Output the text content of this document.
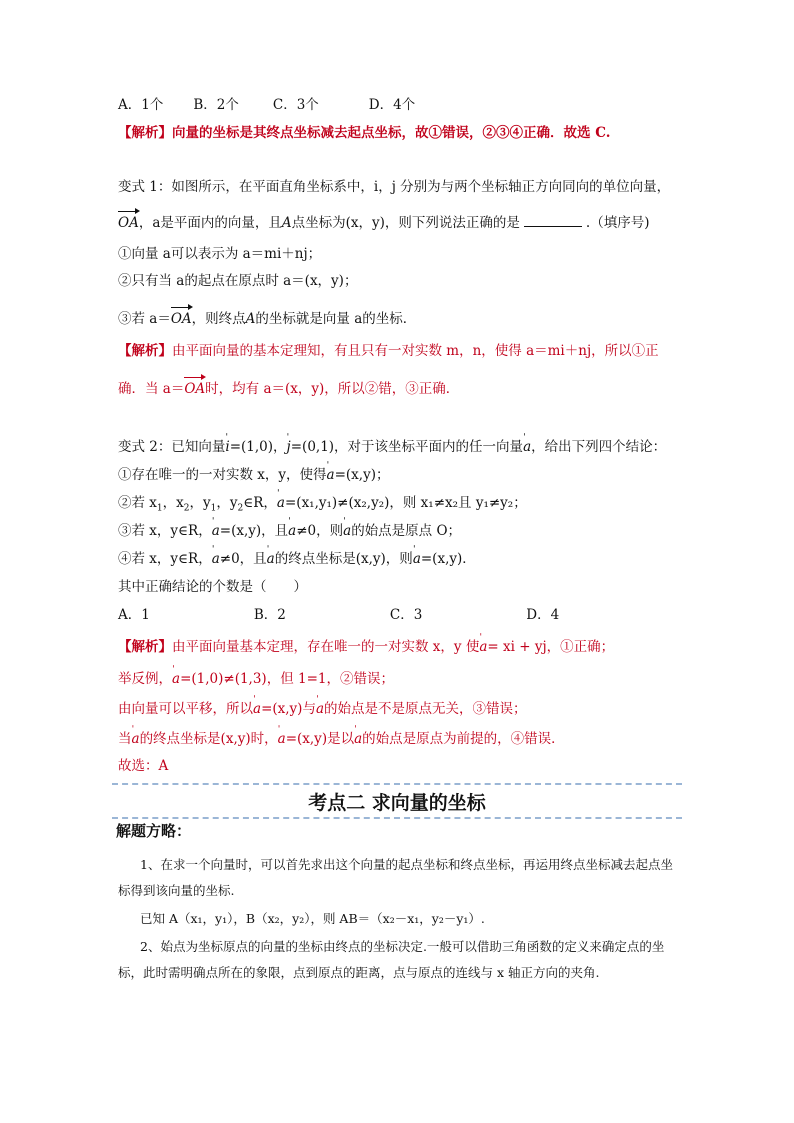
A．1个 B．2个	C．3个	D．4个
【解析】向量的坐标是其终点坐标减去起点坐标，故①错误，②③④正确．故选 C.
变式 1：如图所示，在平面直角坐标系中，i，j 分别为与两个坐标轴正方向同向的单位向量，
OA，a是平面内的向量，且A点坐标为(x，y)，则下列说法正确的是	.（填序号)
①向量 a可以表示为 a＝mi＋nj；
②只有当 a的起点在原点时 a＝(x，y)；
③若 a＝OA，则终点A的坐标就是向量 a的坐标．
【解析】由平面向量的基本定理知，有且只有一对实数 m，n，使得 a＝mi＋nj，所以①正
确．当 a＝OA时，均有 a＝(x，y)，所以②错，③正确．
变式 2：已知向量ˈ i=(1,0)，ˈ j=(0,1)，对于该坐标平面内的任一向量ˈ a，给出下列四个结论：
①存在唯一的一对实数 x，y，使得ˈ a=(x,y)；
②若 $x_1$，$x_2$，$y_1$，$y_2\in R$，ˈ a=(x₁,y₁)≠(x₂,y₂)，则 x₁≠x₂且 y₁≠y₂；
③若 x，y∈R，ˈ a=(x,y)，且ˈ a≠0，则ˈ a的始点是原点 O；
④若 x，y∈R，ˈ a≠0，且ˈ a的终点坐标是(x,y)，则ˈ a=(x,y)．
其中正确结论的个数是（　　）
A．1	B．2	C．3	D．4
【解析】由平面向量基本定理，存在唯一的一对实数 x，y 使ˈ a= xi + yj，①正确；
举反例，ˈ a=(1,0)≠(1,3)，但 1=1，②错误；
由向量可以平移，所以ˈ a=(x,y)与ˈ a的始点是不是原点无关，③错误；
当ˈ a的终点坐标是(x,y)时，ˈ a=(x,y)是以ˈ a的始点是原点为前提的，④错误．
故选：A
考点二 求向量的坐标
解题方略：
1、在求一个向量时，可以首先求出这个向量的起点坐标和终点坐标，再运用终点坐标减去起点坐标得到该向量的坐标.
已知 A（x₁，y₁），B（x₂，y₂），则 AB＝（x₂－x₁，y₂－y₁）.
2、始点为坐标原点的向量的坐标由终点的坐标决定.一般可以借助三角函数的定义来确定点的坐标，此时需明确点所在的象限，点到原点的距离，点与原点的连线与 x 轴正方向的夹角.
